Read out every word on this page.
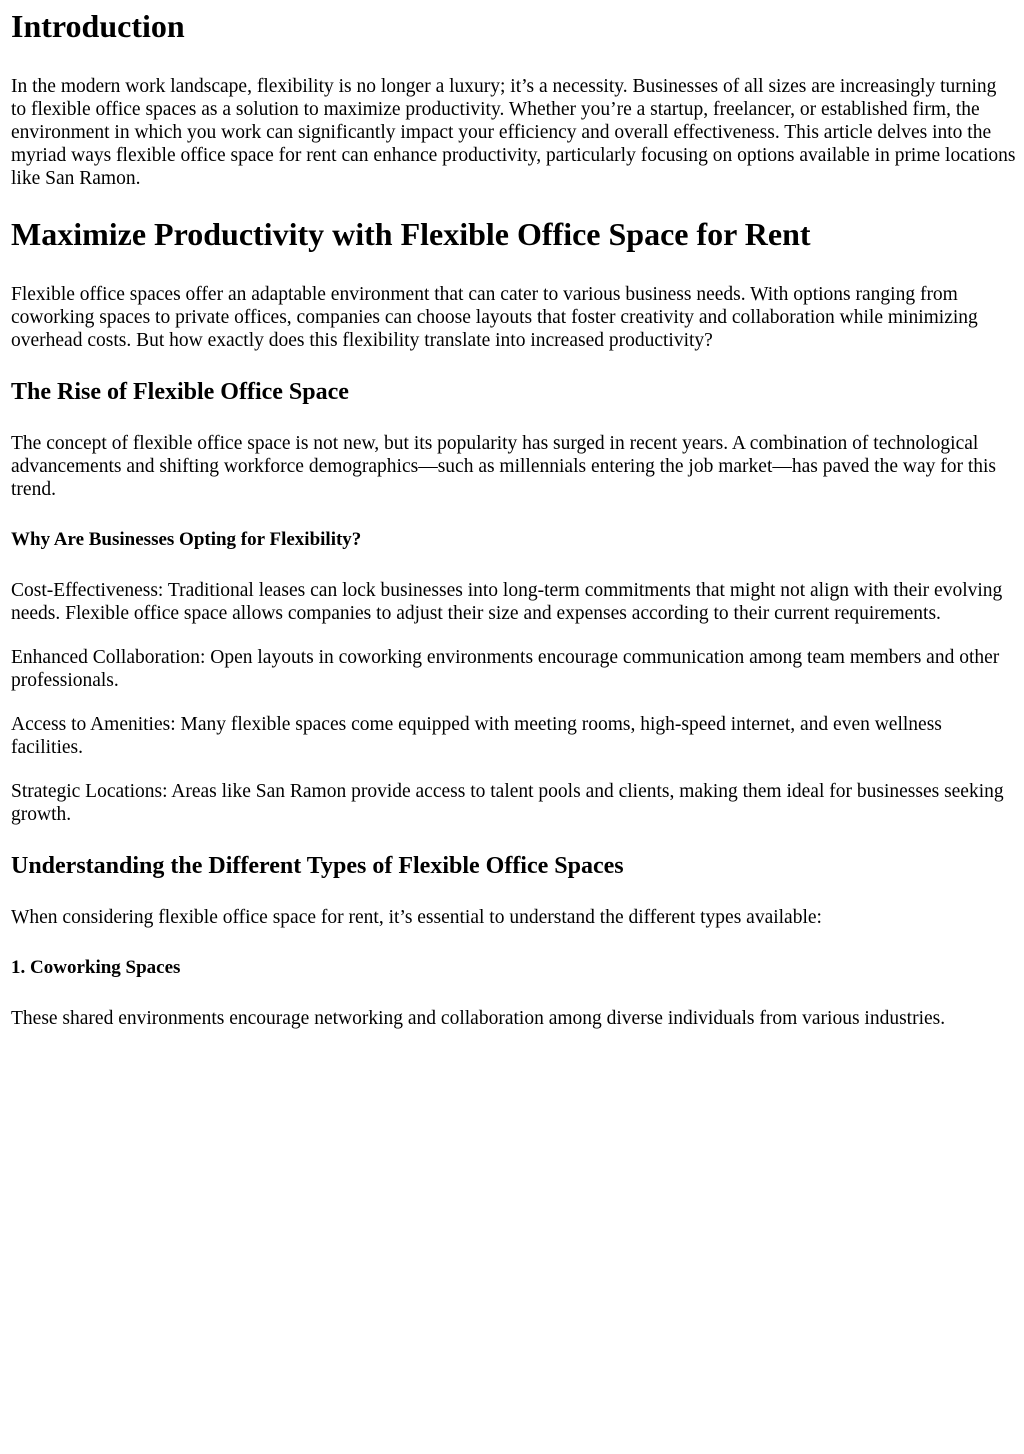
Introduction

In the modern work landscape, flexibility is no longer a luxury; it’s a necessity. Businesses of all sizes are increasingly turning to flexible office spaces as a solution to maximize productivity. Whether you’re a startup, freelancer, or established firm, the environment in which you work can significantly impact your efficiency and overall effectiveness. This article delves into the myriad ways flexible office space for rent can enhance productivity, particularly focusing on options available in prime locations like San Ramon.

Maximize Productivity with Flexible Office Space for Rent

Flexible office spaces offer an adaptable environment that can cater to various business needs. With options ranging from coworking spaces to private offices, companies can choose layouts that foster creativity and collaboration while minimizing overhead costs. But how exactly does this flexibility translate into increased productivity?

The Rise of Flexible Office Space

The concept of flexible office space is not new, but its popularity has surged in recent years. A combination of technological advancements and shifting workforce demographics—such as millennials entering the job market—has paved the way for this trend.

Why Are Businesses Opting for Flexibility?

Cost-Effectiveness: Traditional leases can lock businesses into long-term commitments that might not align with their evolving needs. Flexible office space allows companies to adjust their size and expenses according to their current requirements.

Enhanced Collaboration: Open layouts in coworking environments encourage communication among team members and other professionals.

Access to Amenities: Many flexible spaces come equipped with meeting rooms, high-speed internet, and even wellness facilities.

Strategic Locations: Areas like San Ramon provide access to talent pools and clients, making them ideal for businesses seeking growth.

Understanding the Different Types of Flexible Office Spaces

When considering flexible office space for rent, it’s essential to understand the different types available:

1. Coworking Spaces

These shared environments encourage networking and collaboration among diverse individuals from various industries.
